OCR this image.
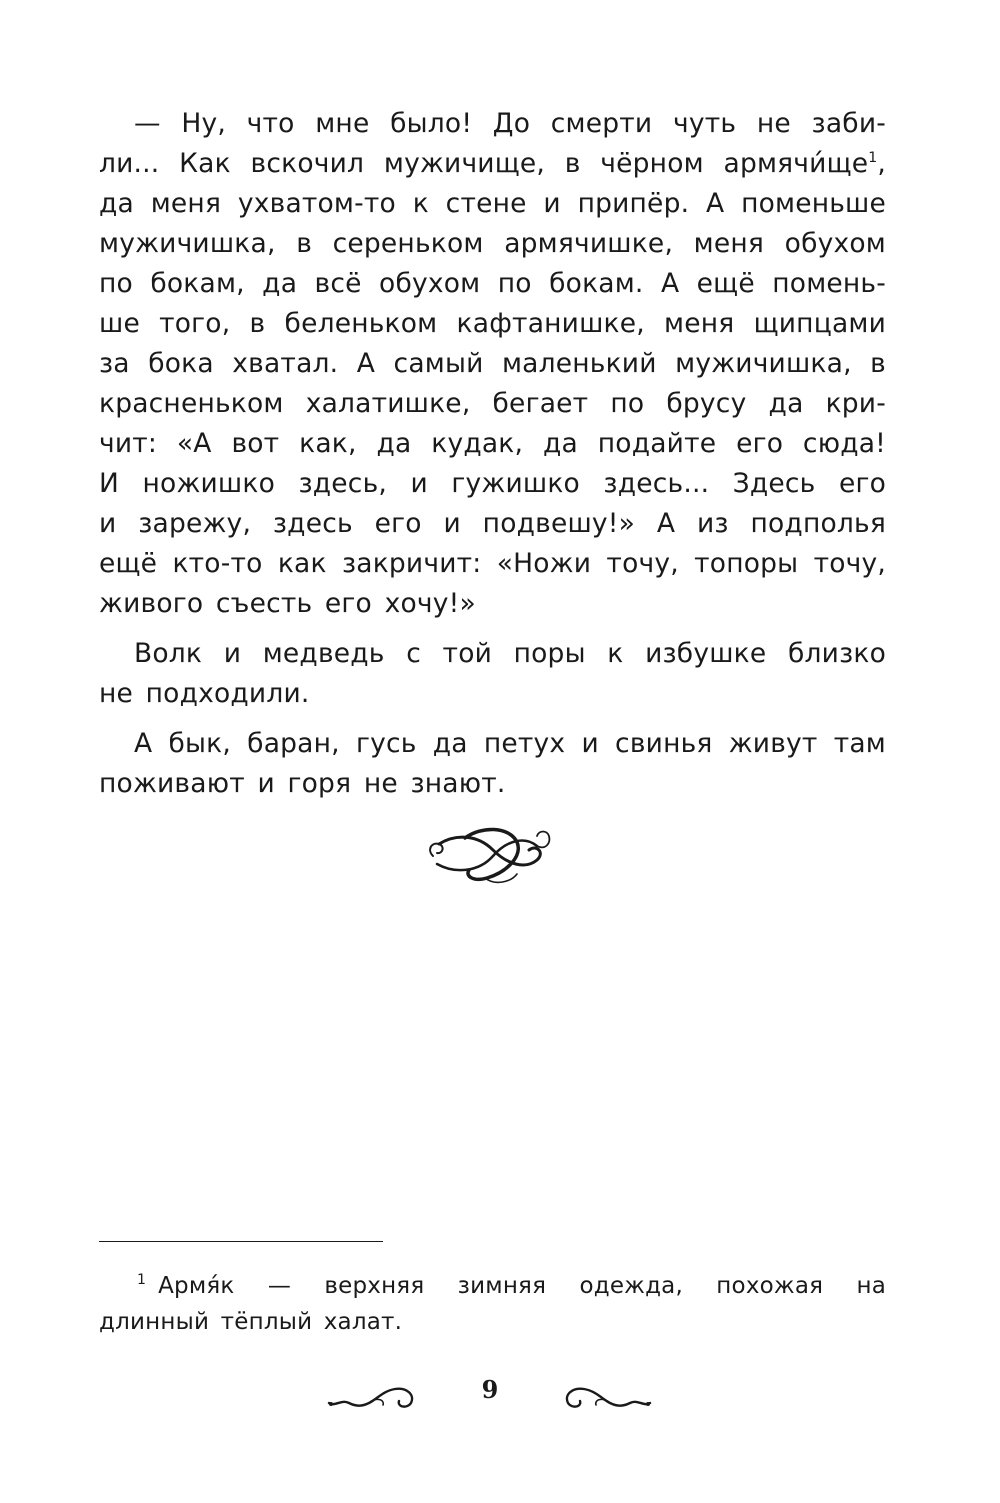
— Ну, что мне было! До смерти чуть не заби-
ли... Как вскочил мужичище, в чёрном армячи́ще$^1$,
да меня ухватом-то к стене и припёр. А поменьше
мужичишка, в сереньком армячишке, меня обухом
по бокам, да всё обухом по бокам. А ещё помень-
ше того, в беленьком кафтанишке, меня щипцами
за бока хватал. А самый маленький мужичишка, в
красненьком халатишке, бегает по брусу да кри-
чит: «А вот как, да кудак, да подайте его сюда!
И ножишко здесь, и гужишко здесь... Здесь его
и зарежу, здесь его и подвешу!» А из подполья
ещё кто-то как закричит: «Ножи точу, топоры точу,
живого съесть его хочу!»

Волк и медведь с той поры к избушке близко
не подходили.

А бык, баран, гусь да петух и свинья живут там
поживают и горя не знают.

$^1$ Армя́к — верхняя зимняя одежда, похожая на
длинный тёплый халат.
9
